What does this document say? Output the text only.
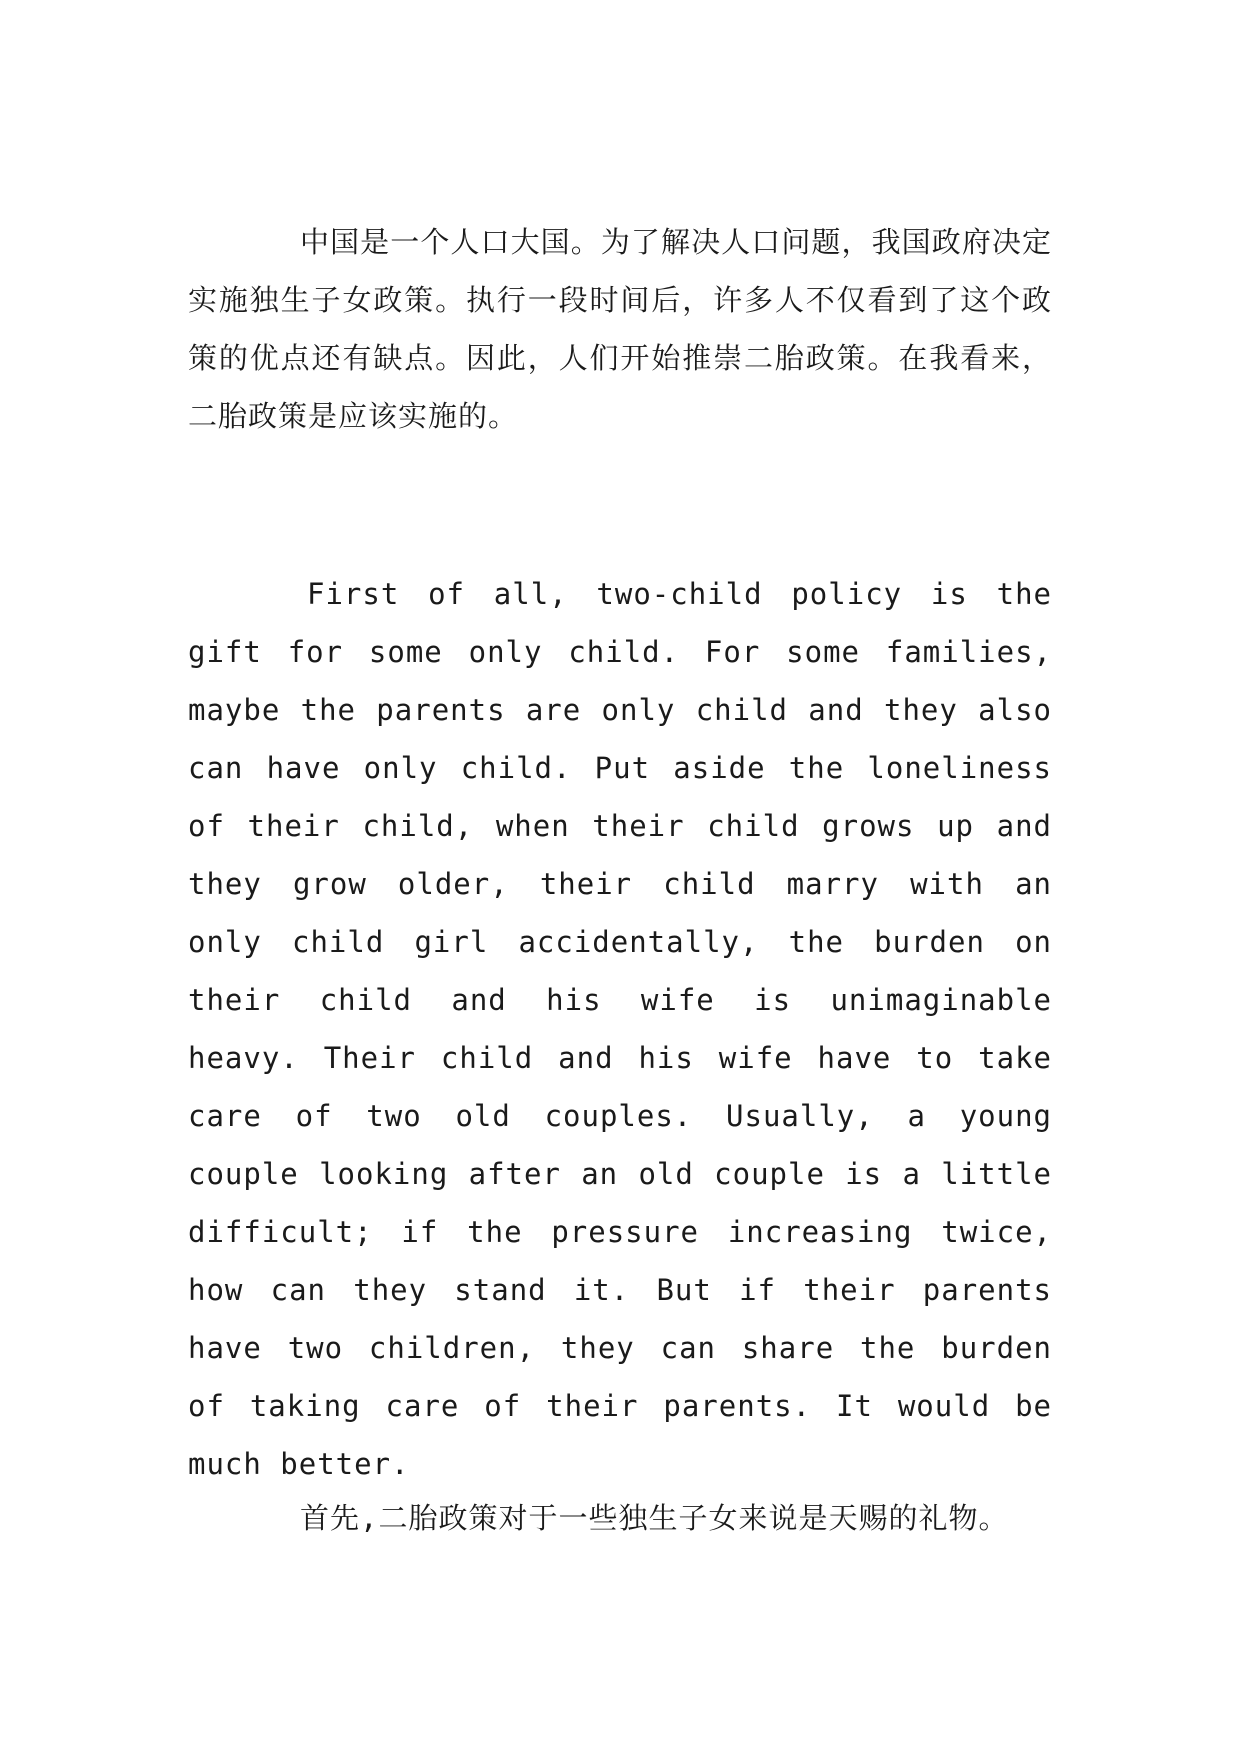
中国是一个人口大国。为了解决人口问题，我国政府决定实施独生子女政策。执行一段时间后，许多人不仅看到了这个政策的优点还有缺点。因此，人们开始推崇二胎政策。在我看来，二胎政策是应该实施的。

First of all, two-child policy is the gift for some only child. For some families, maybe the parents are only child and they also can have only child. Put aside the loneliness of their child, when their child grows up and they grow older, their child marry with an only child girl accidentally, the burden on their child and his wife is unimaginable heavy. Their child and his wife have to take care of two old couples. Usually, a young couple looking after an old couple is a little difficult; if the pressure increasing twice, how can they stand it. But if their parents have two children, they can share the burden of taking care of their parents. It would be much better.

首先,二胎政策对于一些独生子女来说是天赐的礼物。
